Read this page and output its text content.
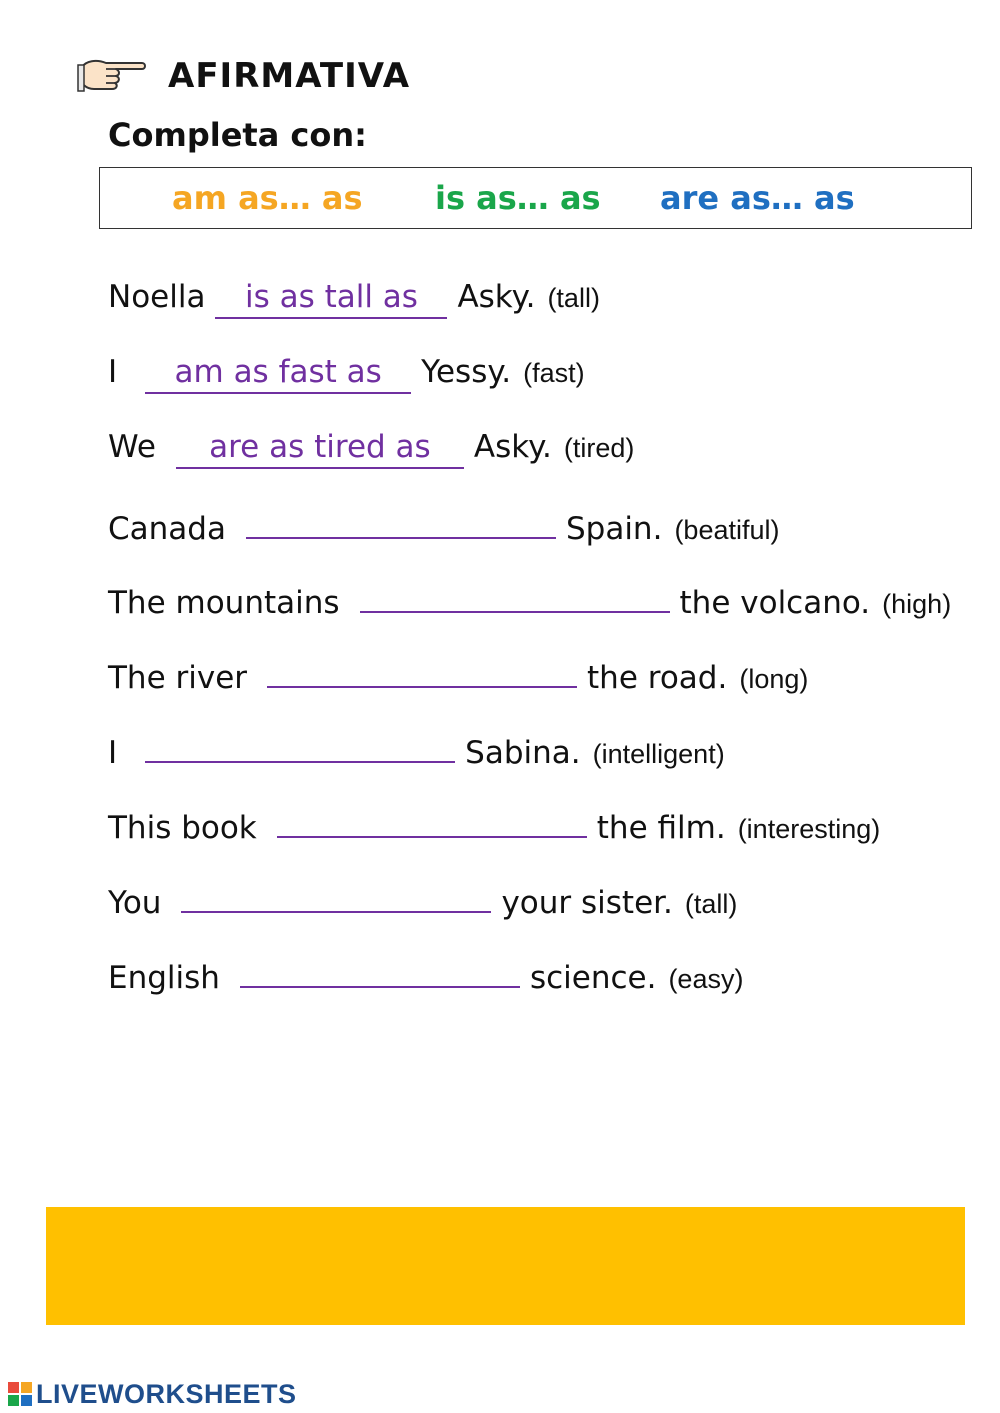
AFIRMATIVA
Completa con:
am as… as is as… as are as… as
Noella is as tall as Asky. (tall)
I am as fast as Yessy. (fast)
We are as tired as Asky. (tired)
Canada	Spain. (beatiful)
The mountains	the volcano. (high)
The river	the road. (long)
I	Sabina. (intelligent)
This book	the film. (interesting)
You	your sister. (tall)
English	science. (easy)
LIVEWORKSHEETS
